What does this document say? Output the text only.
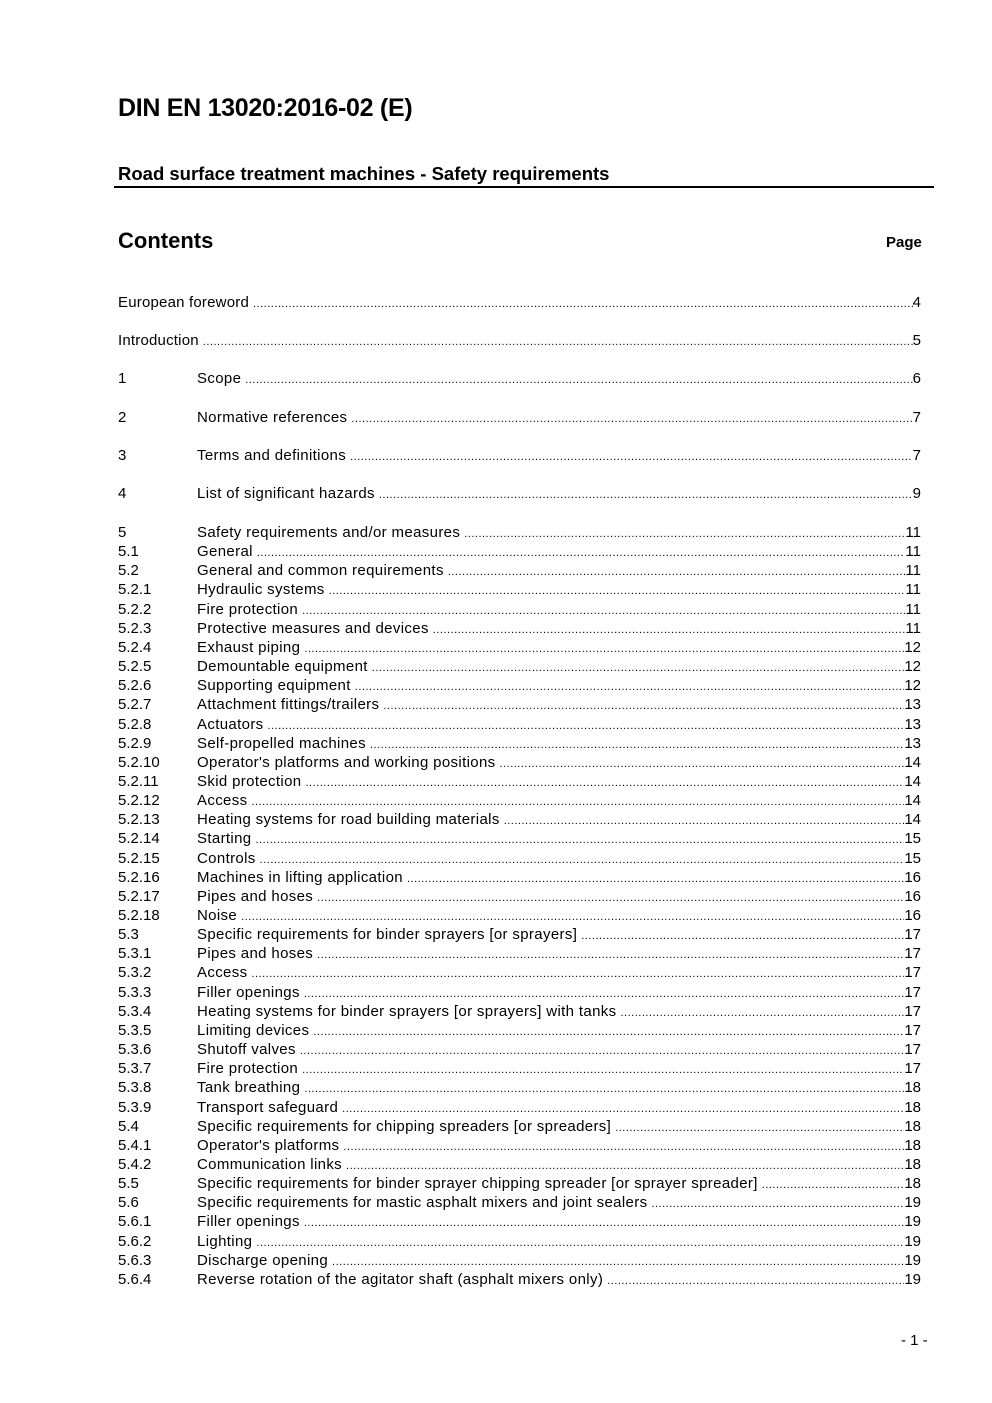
DIN EN 13020:2016-02 (E)
Road surface treatment machines - Safety requirements
Contents	Page
European foreword .....	4
Introduction .....	5
1	Scope .....	6
2	Normative references .....	7
3	Terms and definitions .....	7
4	List of significant hazards .....	9
5	Safety requirements and/or measures .....	11
5.1	General .....	11
5.2	General and common requirements .....	11
5.2.1	Hydraulic systems .....	11
5.2.2	Fire protection .....	11
5.2.3	Protective measures and devices .....	11
5.2.4	Exhaust piping .....	12
5.2.5	Demountable equipment .....	12
5.2.6	Supporting equipment .....	12
5.2.7	Attachment fittings/trailers .....	13
5.2.8	Actuators .....	13
5.2.9	Self-propelled machines .....	13
5.2.10	Operator's platforms and working positions .....	14
5.2.11	Skid protection .....	14
5.2.12	Access .....	14
5.2.13	Heating systems for road building materials .....	14
5.2.14	Starting .....	15
5.2.15	Controls .....	15
5.2.16	Machines in lifting application .....	16
5.2.17	Pipes and hoses .....	16
5.2.18	Noise .....	16
5.3	Specific requirements for binder sprayers [or sprayers] .....	17
5.3.1	Pipes and hoses .....	17
5.3.2	Access .....	17
5.3.3	Filler openings .....	17
5.3.4	Heating systems for binder sprayers [or sprayers] with tanks .....	17
5.3.5	Limiting devices .....	17
5.3.6	Shutoff valves .....	17
5.3.7	Fire protection .....	17
5.3.8	Tank breathing .....	18
5.3.9	Transport safeguard .....	18
5.4	Specific requirements for chipping spreaders [or spreaders] .....	18
5.4.1	Operator's platforms .....	18
5.4.2	Communication links .....	18
5.5	Specific requirements for binder sprayer chipping spreader [or sprayer spreader] .....	18
5.6	Specific requirements for mastic asphalt mixers and joint sealers .....	19
5.6.1	Filler openings .....	19
5.6.2	Lighting .....	19
5.6.3	Discharge opening .....	19
5.6.4	Reverse rotation of the agitator shaft (asphalt mixers only) .....	19
- 1 -
